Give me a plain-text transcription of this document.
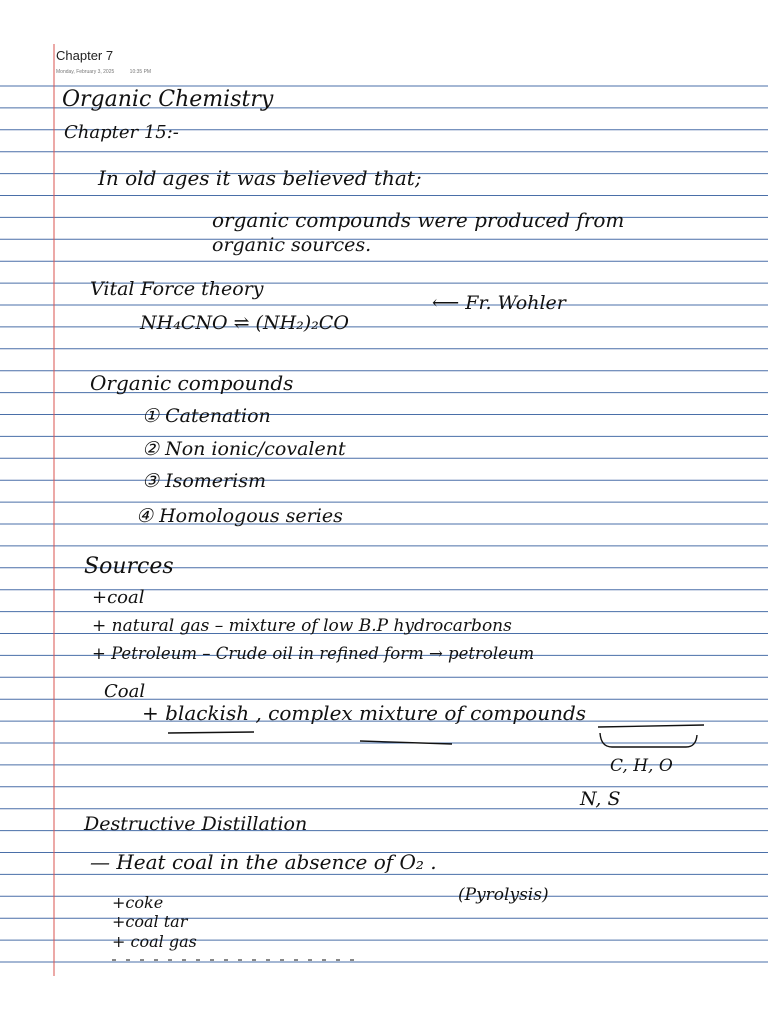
Chapter 7
Monday, February 3, 2025	10:35 PM
Organic Chemistry
Chapter 15:-
In old ages it was believed that;
organic compounds were produced from
organic sources.
Vital Force theory
NH₄CNO ⇌ (NH₂)₂CO
⟵ Fr. Wohler
Organic compounds
① Catenation
② Non ionic/covalent
③ Isomerism
④ Homologous series
Sources
+coal
+ natural gas – mixture of low B.P hydrocarbons
+ Petroleum – Crude oil in refined form → petroleum
Coal
+ blackish , complex mixture of compounds
C, H, O
N, S
Destructive Distillation
— Heat coal in the absence of O₂ .
(Pyrolysis)
+coke
+coal tar
+ coal gas
